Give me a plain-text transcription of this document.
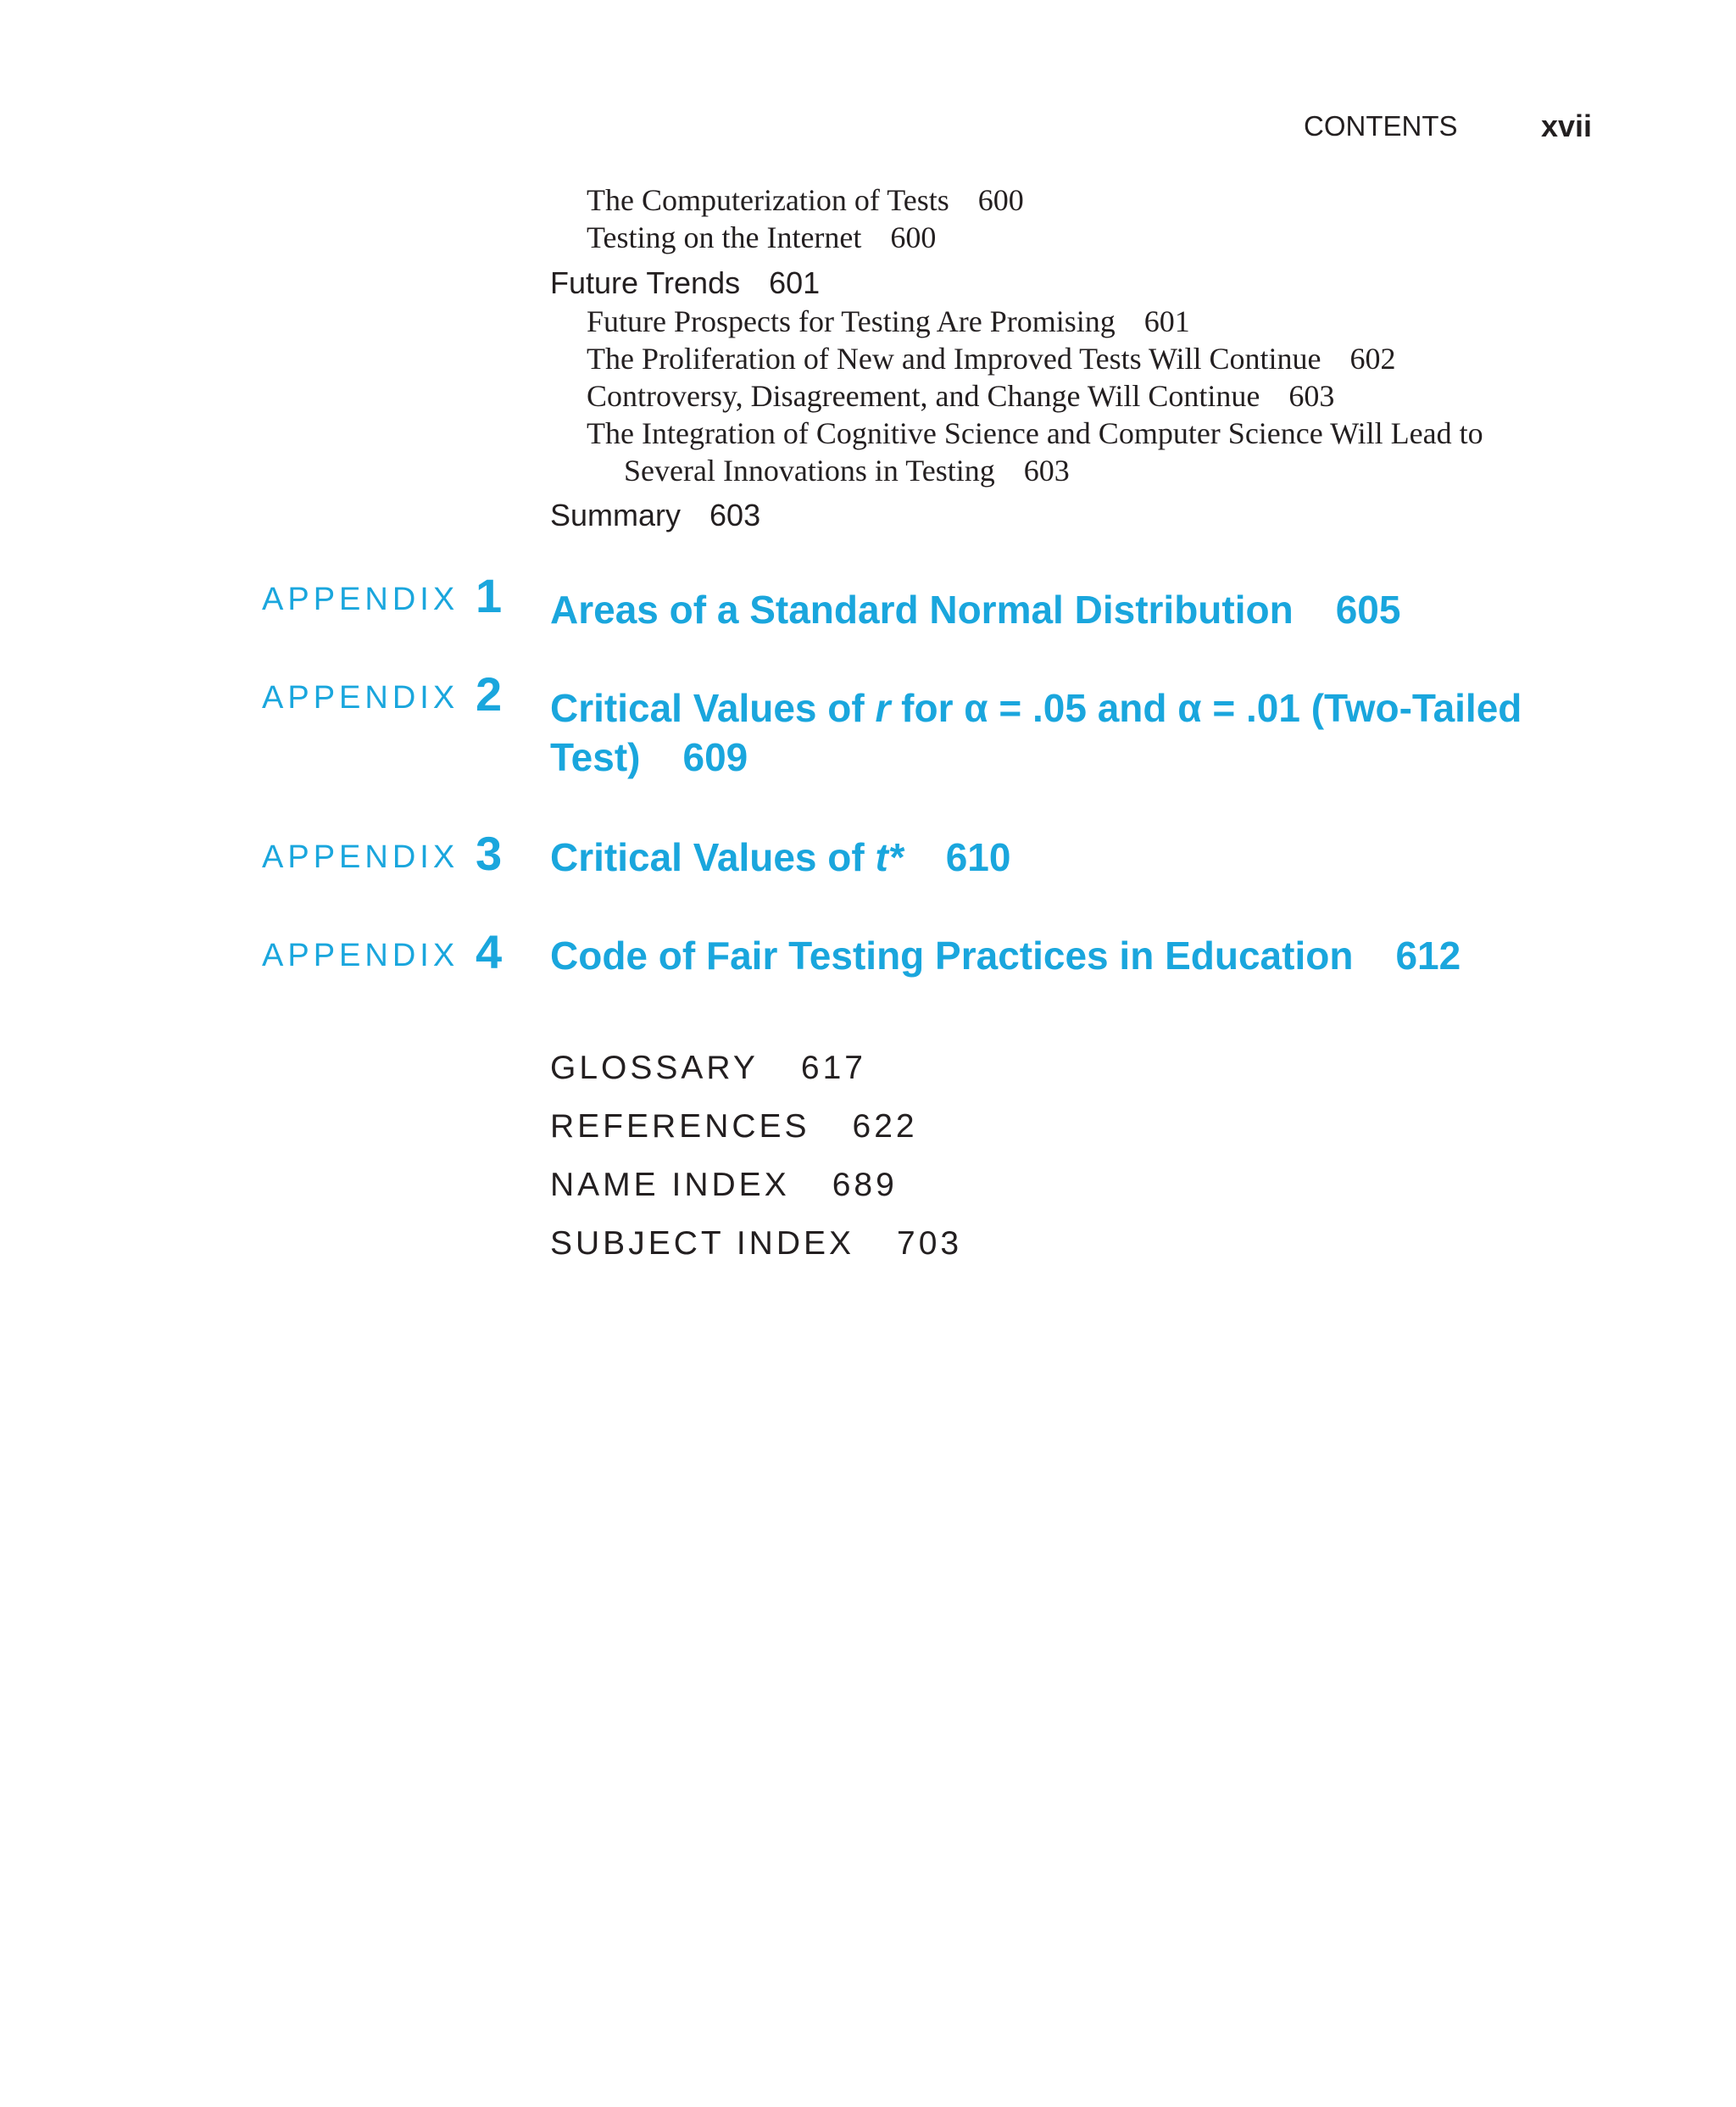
CONTENTS	xvii
The Computerization of Tests 600
Testing on the Internet 600
Future Trends 601
Future Prospects for Testing Are Promising 601
The Proliferation of New and Improved Tests Will Continue 602
Controversy, Disagreement, and Change Will Continue 603
The Integration of Cognitive Science and Computer Science Will Lead to
Several Innovations in Testing 603
Summary 603
APPENDIX 1 Areas of a Standard Normal Distribution 605
APPENDIX 2 Critical Values of r for α = .05 and α = .01 (Two-Tailed Test) 609
APPENDIX 3 Critical Values of t* 610
APPENDIX 4 Code of Fair Testing Practices in Education 612
GLOSSARY 617
REFERENCES 622
NAME INDEX 689
SUBJECT INDEX 703
